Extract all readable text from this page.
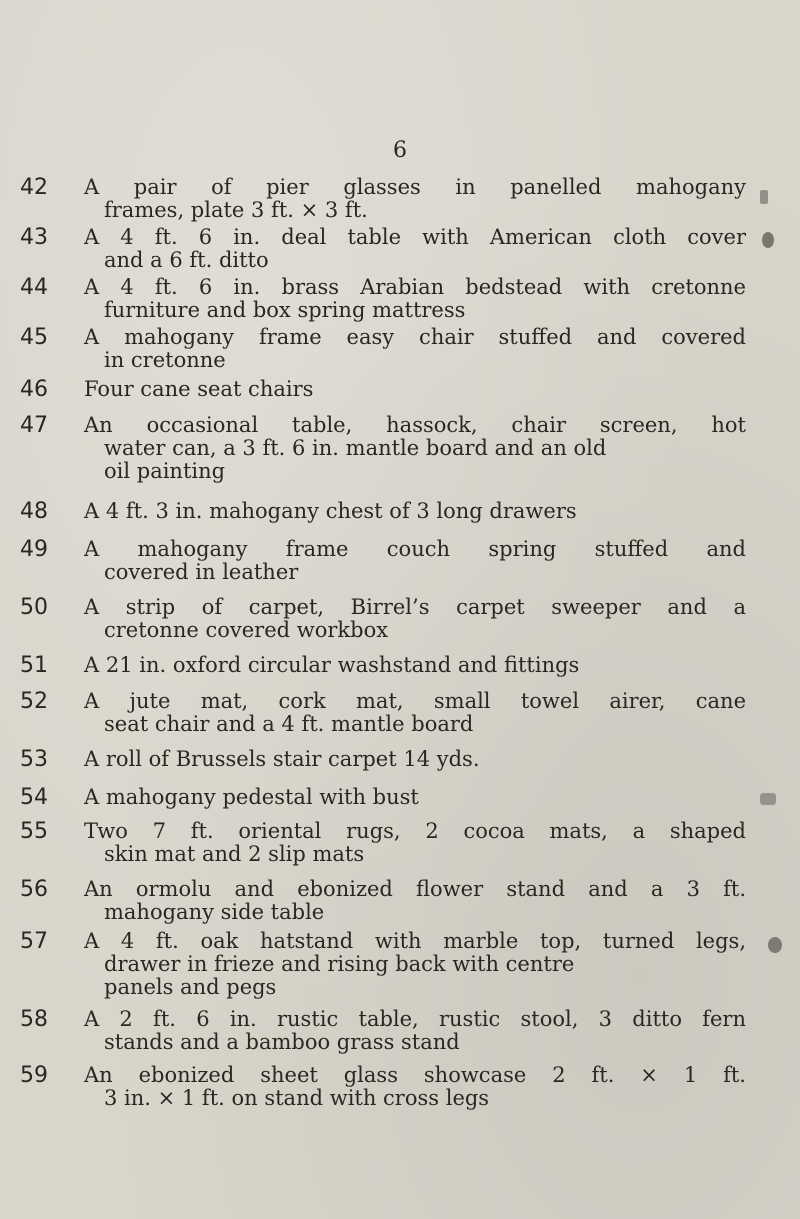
6
42	A pair of pier glasses in panelled mahogany
frames, plate 3 ft. × 3 ft.
43	A 4 ft. 6 in. deal table with American cloth cover
and a 6 ft. ditto
44	A 4 ft. 6 in. brass Arabian bedstead with cretonne
furniture and box spring mattress
45	A mahogany frame easy chair stuffed and covered
in cretonne
46	Four cane seat chairs
47	An occasional table, hassock, chair screen, hot
water can, a 3 ft. 6 in. mantle board and an old
oil painting
48	A 4 ft. 3 in. mahogany chest of 3 long drawers
49	A mahogany frame couch spring stuffed and
covered in leather
50	A strip of carpet, Birrel’s carpet sweeper and a
cretonne covered workbox
51	A 21 in. oxford circular washstand and fittings
52	A jute mat, cork mat, small towel airer, cane
seat chair and a 4 ft. mantle board
53	A roll of Brussels stair carpet 14 yds.
54	A mahogany pedestal with bust
55	Two 7 ft. oriental rugs, 2 cocoa mats, a shaped
skin mat and 2 slip mats
56	An ormolu and ebonized flower stand and a 3 ft.
mahogany side table
57	A 4 ft. oak hatstand with marble top, turned legs,
drawer in frieze and rising back with centre
panels and pegs
58	A 2 ft. 6 in. rustic table, rustic stool, 3 ditto fern
stands and a bamboo grass stand
59	An ebonized sheet glass showcase 2 ft. × 1 ft.
3 in. × 1 ft. on stand with cross legs
